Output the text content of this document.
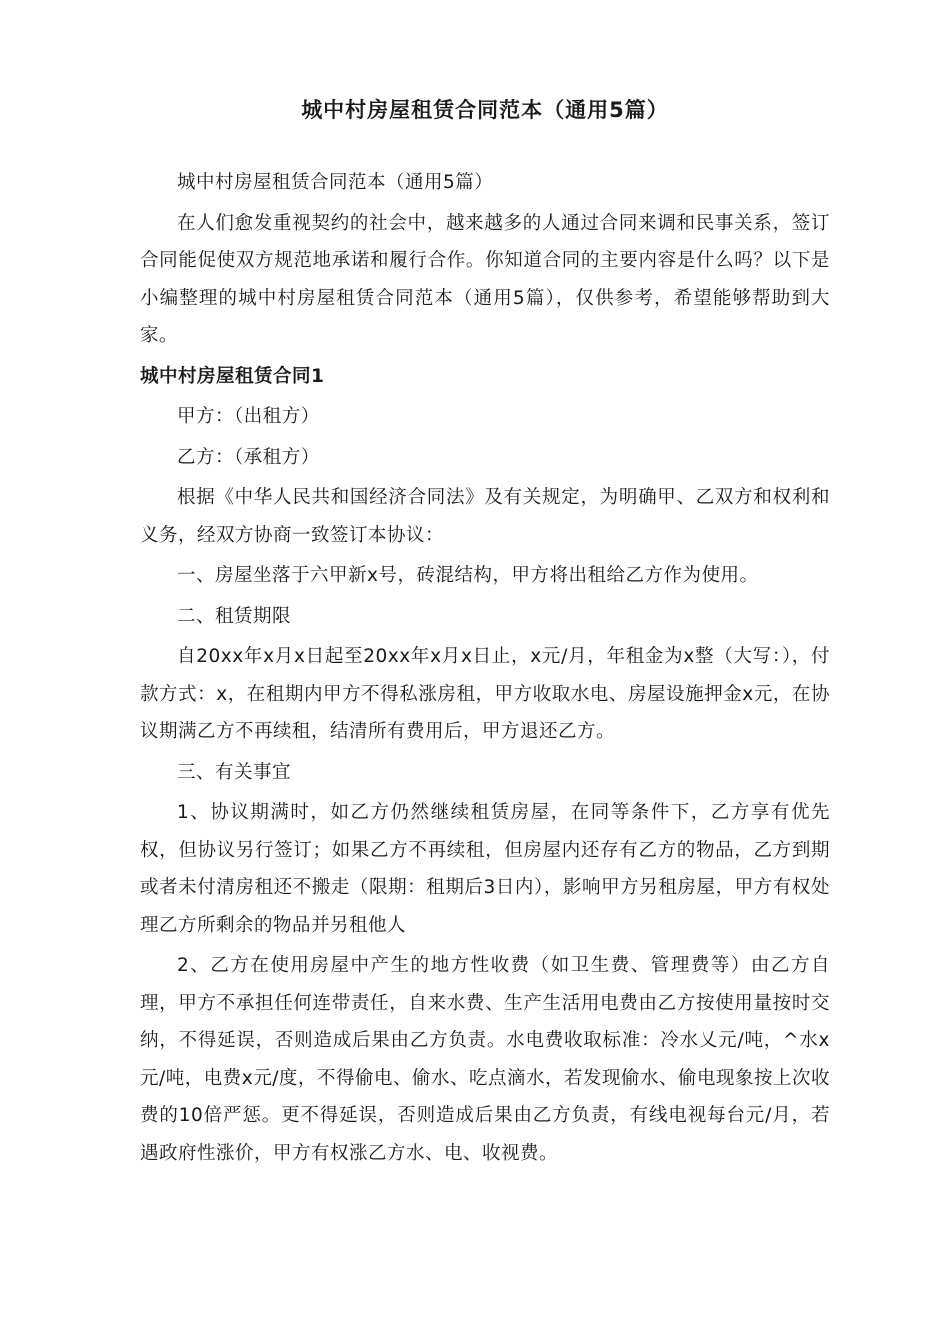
城中村房屋租赁合同范本（通用5篇）

城中村房屋租赁合同范本（通用5篇）

在人们愈发重视契约的社会中，越来越多的人通过合同来调和民事关系，签订合同能促使双方规范地承诺和履行合作。你知道合同的主要内容是什么吗？以下是小编整理的城中村房屋租赁合同范本（通用5篇），仅供参考，希望能够帮助到大家。

城中村房屋租赁合同1

甲方：（出租方）

乙方：（承租方）

根据《中华人民共和国经济合同法》及有关规定，为明确甲、乙双方和权利和义务，经双方协商一致签订本协议：

一、房屋坐落于六甲新x号，砖混结构，甲方将出租给乙方作为使用。

二、租赁期限

自20xx年x月x日起至20xx年x月x日止，x元/月，年租金为x整（大写：），付款方式：x，在租期内甲方不得私涨房租，甲方收取水电、房屋设施押金x元，在协议期满乙方不再续租，结清所有费用后，甲方退还乙方。

三、有关事宜

1、协议期满时，如乙方仍然继续租赁房屋，在同等条件下，乙方享有优先权，但协议另行签订；如果乙方不再续租，但房屋内还存有乙方的物品，乙方到期或者未付清房租还不搬走（限期：租期后3日内），影响甲方另租房屋，甲方有权处理乙方所剩余的物品并另租他人

2、乙方在使用房屋中产生的地方性收费（如卫生费、管理费等）由乙方自理，甲方不承担任何连带责任，自来水费、生产生活用电费由乙方按使用量按时交纳，不得延误，否则造成后果由乙方负责。水电费收取标准：冷水乂元/吨，^水x元/吨，电费x元/度，不得偷电、偷水、吃点滴水，若发现偷水、偷电现象按上次收费的10倍严惩。更不得延误，否则造成后果由乙方负责，有线电视每台元/月，若遇政府性涨价，甲方有权涨乙方水、电、收视费。
